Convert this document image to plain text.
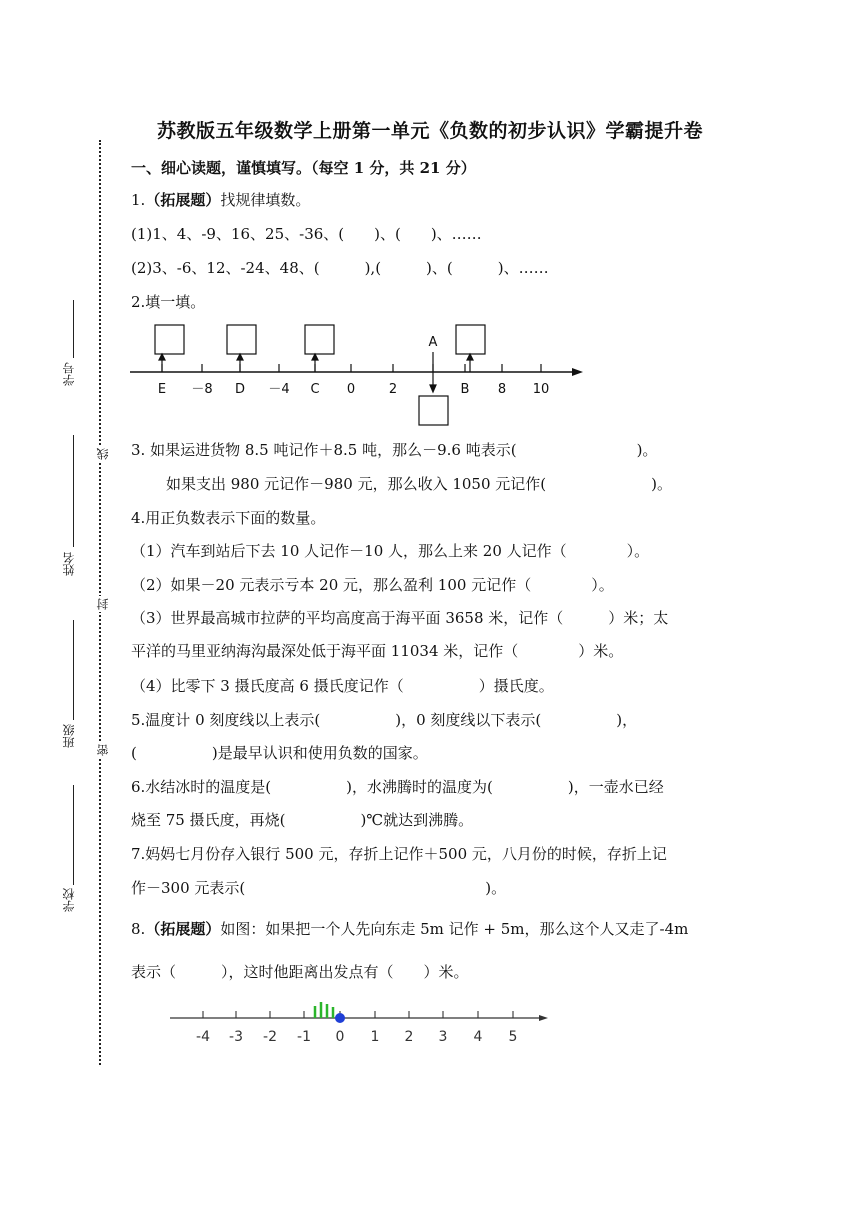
学号
姓名
班级
学校
线
封
密
苏教版五年级数学上册第一单元《负数的初步认识》学霸提升卷
一、细心读题，谨慎填写。（每空 1 分，共 21 分）
1.（拓展题）找规律填数。
(1)1、4、-9、16、25、-36、(　　)、(　　)、……
(2)3、-6、12、-24、48、(　　　),(　　　)、(　　　)、……
2.填一填。
E －8 D －4 C 0	2
A
B 8 10
3. 如果运进货物 8.5 吨记作＋8.5 吨，那么－9.6 吨表示(　　　　　　　　)。
如果支出 980 元记作－980 元，那么收入 1050 元记作(　　　　　　　)。
4.用正负数表示下面的数量。
（1）汽车到站后下去 10 人记作－10 人，那么上来 20 人记作（　　　　）。
（2）如果－20 元表示亏本 20 元，那么盈利 100 元记作（　　　　）。
（3）世界最高城市拉萨的平均高度高于海平面 3658 米，记作（　　　）米；太
平洋的马里亚纳海沟最深处低于海平面 11034 米，记作（　　　　）米。
（4）比零下 3 摄氏度高 6 摄氏度记作（　　　　　）摄氏度。
5.温度计 0 刻度线以上表示(　　　　　)，0 刻度线以下表示(　　　　　)，
(　　　　　)是最早认识和使用负数的国家。
6.水结冰时的温度是(　　　　　)，水沸腾时的温度为(　　　　　)，一壶水已经
烧至 75 摄氏度，再烧(　　　　　)℃就达到沸腾。
7.妈妈七月份存入银行 500 元，存折上记作＋500 元，八月份的时候，存折上记
作－300 元表示(　　　　　　　　　　　　　　　　)。
8.（拓展题）如图：如果把一个人先向东走 5m 记作 + 5m，那么这个人又走了-4m
表示（　　　），这时他距离出发点有（　　）米。
-4 -3 -2 -1 0 1 2 3 4 5
